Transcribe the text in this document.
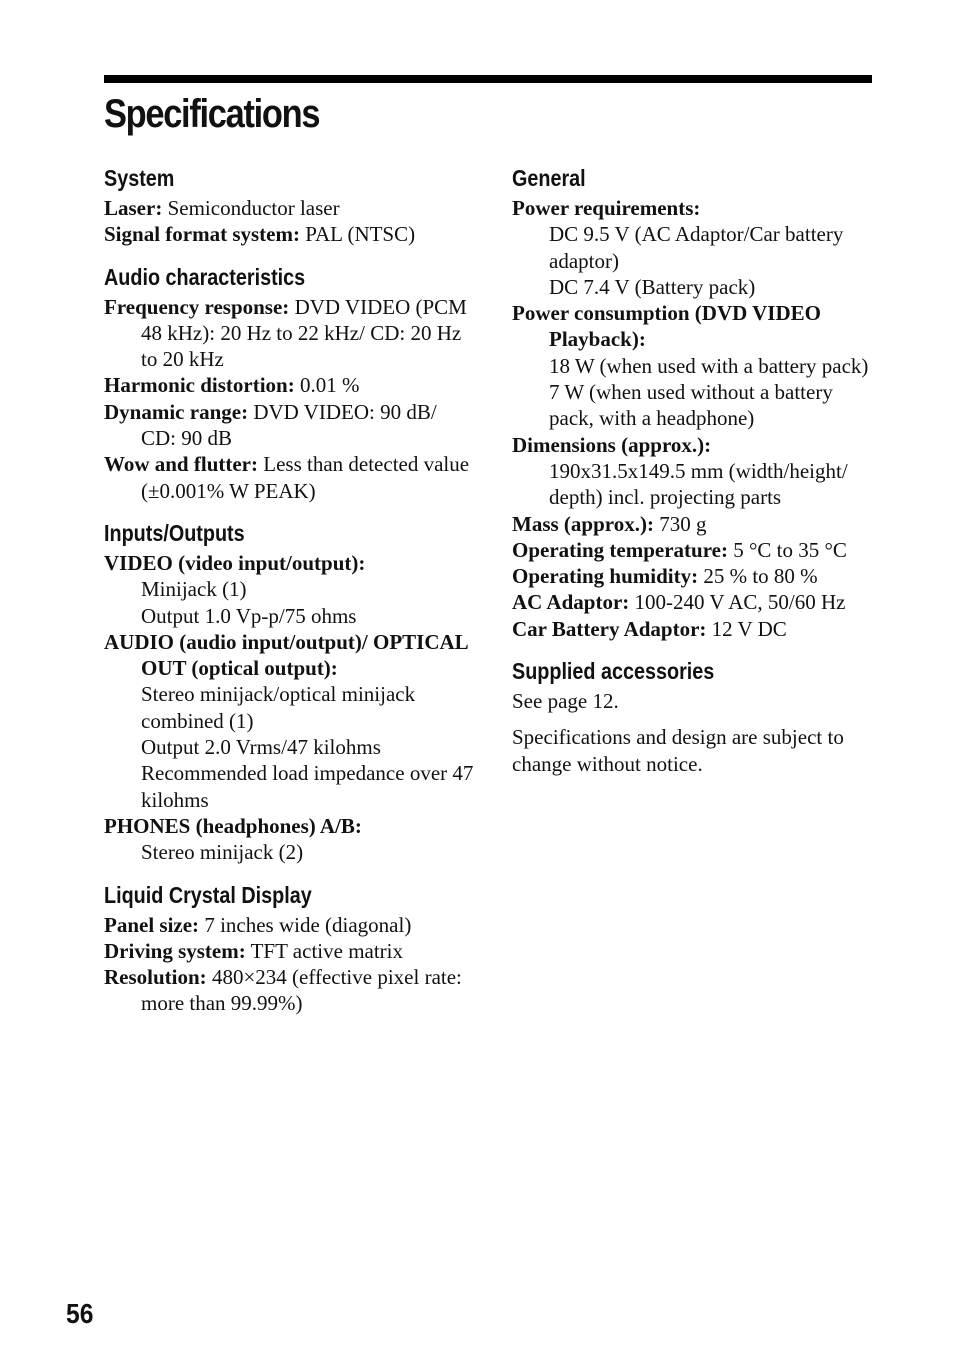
Specifications
System
Laser: Semiconductor laser
Signal format system: PAL (NTSC)
Audio characteristics
Frequency response: DVD VIDEO (PCM 48 kHz): 20 Hz to 22 kHz/ CD: 20 Hz to 20 kHz
Harmonic distortion: 0.01 %
Dynamic range: DVD VIDEO: 90 dB/ CD: 90 dB
Wow and flutter: Less than detected value (±0.001% W PEAK)
Inputs/Outputs
VIDEO (video input/output):
Minijack (1)
Output 1.0 Vp-p/75 ohms
AUDIO (audio input/output)/ OPTICAL OUT (optical output):
Stereo minijack/optical minijack combined (1)
Output 2.0 Vrms/47 kilohms
Recommended load impedance over 47 kilohms
PHONES (headphones) A/B:
Stereo minijack (2)
Liquid Crystal Display
Panel size: 7 inches wide (diagonal)
Driving system: TFT active matrix
Resolution: 480×234 (effective pixel rate: more than 99.99%)
General
Power requirements:
DC 9.5 V (AC Adaptor/Car battery adaptor)
DC 7.4 V (Battery pack)
Power consumption (DVD VIDEO Playback):
18 W (when used with a battery pack)
7 W (when used without a battery pack, with a headphone)
Dimensions (approx.):
190x31.5x149.5 mm (width/height/ depth) incl. projecting parts
Mass (approx.): 730 g
Operating temperature: 5 °C to 35 °C
Operating humidity: 25 % to 80 %
AC Adaptor: 100-240 V AC, 50/60 Hz
Car Battery Adaptor: 12 V DC
Supplied accessories
See page 12.
Specifications and design are subject to change without notice.
56
